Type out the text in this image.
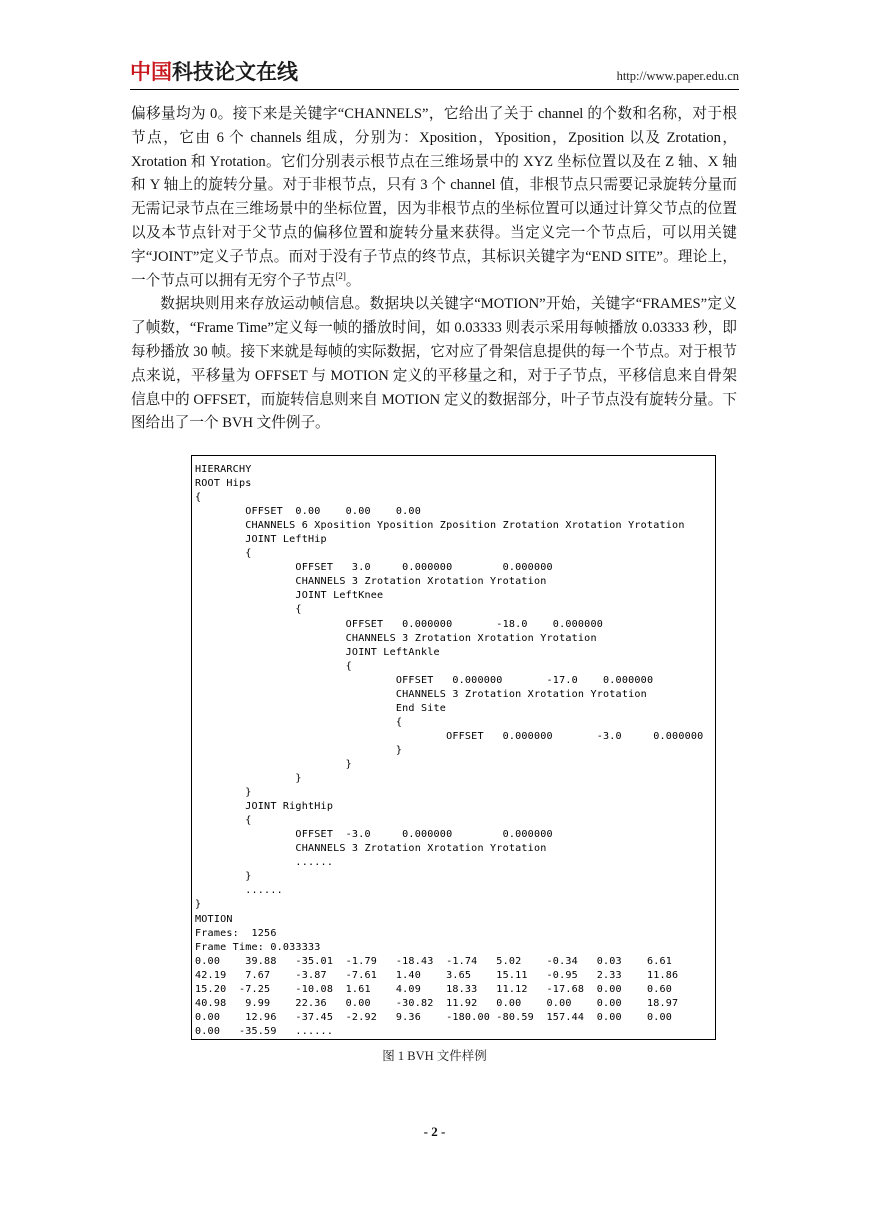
中国 科技论文在线	http://www.paper.edu.cn

偏移量均为 0。接下来是关键字“CHANNELS”，它给出了关于 channel 的个数和名称，对于根节点，它由 6 个 channels 组成，分别为：Xposition，Yposition，Zposition 以及 Zrotation，Xrotation 和 Yrotation。它们分别表示根节点在三维场景中的 XYZ 坐标位置以及在 Z 轴、X 轴和 Y 轴上的旋转分量。对于非根节点，只有 3 个 channel 值，非根节点只需要记录旋转分量而无需记录节点在三维场景中的坐标位置，因为非根节点的坐标位置可以通过计算父节点的位置以及本节点针对于父节点的偏移位置和旋转分量来获得。当定义完一个节点后，可以用关键字“JOINT”定义子节点。而对于没有子节点的终节点，其标识关键字为“END SITE”。理论上，一个节点可以拥有无穷个子节点[2]。

数据块则用来存放运动帧信息。数据块以关键字“MOTION”开始，关键字“FRAMES”定义了帧数，“Frame Time”定义每一帧的播放时间，如 0.03333 则表示采用每帧播放 0.03333 秒，即每秒播放 30 帧。接下来就是每帧的实际数据，它对应了骨架信息提供的每一个节点。对于根节点来说，平移量为 OFFSET 与 MOTION 定义的平移量之和，对于子节点，平移信息来自骨架信息中的 OFFSET，而旋转信息则来自 MOTION 定义的数据部分，叶子节点没有旋转分量。下图给出了一个 BVH 文件例子。

HIERARCHY
ROOT Hips
{
OFFSET  0.00    0.00    0.00
CHANNELS 6 Xposition Yposition Zposition Zrotation Xrotation Yrotation
JOINT LeftHip
{
OFFSET   3.0     0.000000        0.000000
CHANNELS 3 Zrotation Xrotation Yrotation
JOINT LeftKnee
{
OFFSET   0.000000       -18.0    0.000000
CHANNELS 3 Zrotation Xrotation Yrotation
JOINT LeftAnkle
{
OFFSET   0.000000       -17.0    0.000000
CHANNELS 3 Zrotation Xrotation Yrotation
End Site
{
OFFSET   0.000000       -3.0     0.000000
}
}
}
}
JOINT RightHip
{
OFFSET  -3.0     0.000000        0.000000
CHANNELS 3 Zrotation Xrotation Yrotation
......
}
......
}
MOTION
Frames:  1256
Frame Time: 0.033333
0.00    39.88   -35.01  -1.79   -18.43  -1.74   5.02    -0.34   0.03    6.61
42.19   7.67    -3.87   -7.61   1.40    3.65    15.11   -0.95   2.33    11.86
15.20  -7.25    -10.08  1.61    4.09    18.33   11.12   -17.68  0.00    0.60
40.98   9.99    22.36   0.00    -30.82  11.92   0.00    0.00    0.00    18.97
0.00    12.96   -37.45  -2.92   9.36    -180.00 -80.59  157.44  0.00    0.00
0.00   -35.59   ......
图 1 BVH 文件样例
- 2 -
